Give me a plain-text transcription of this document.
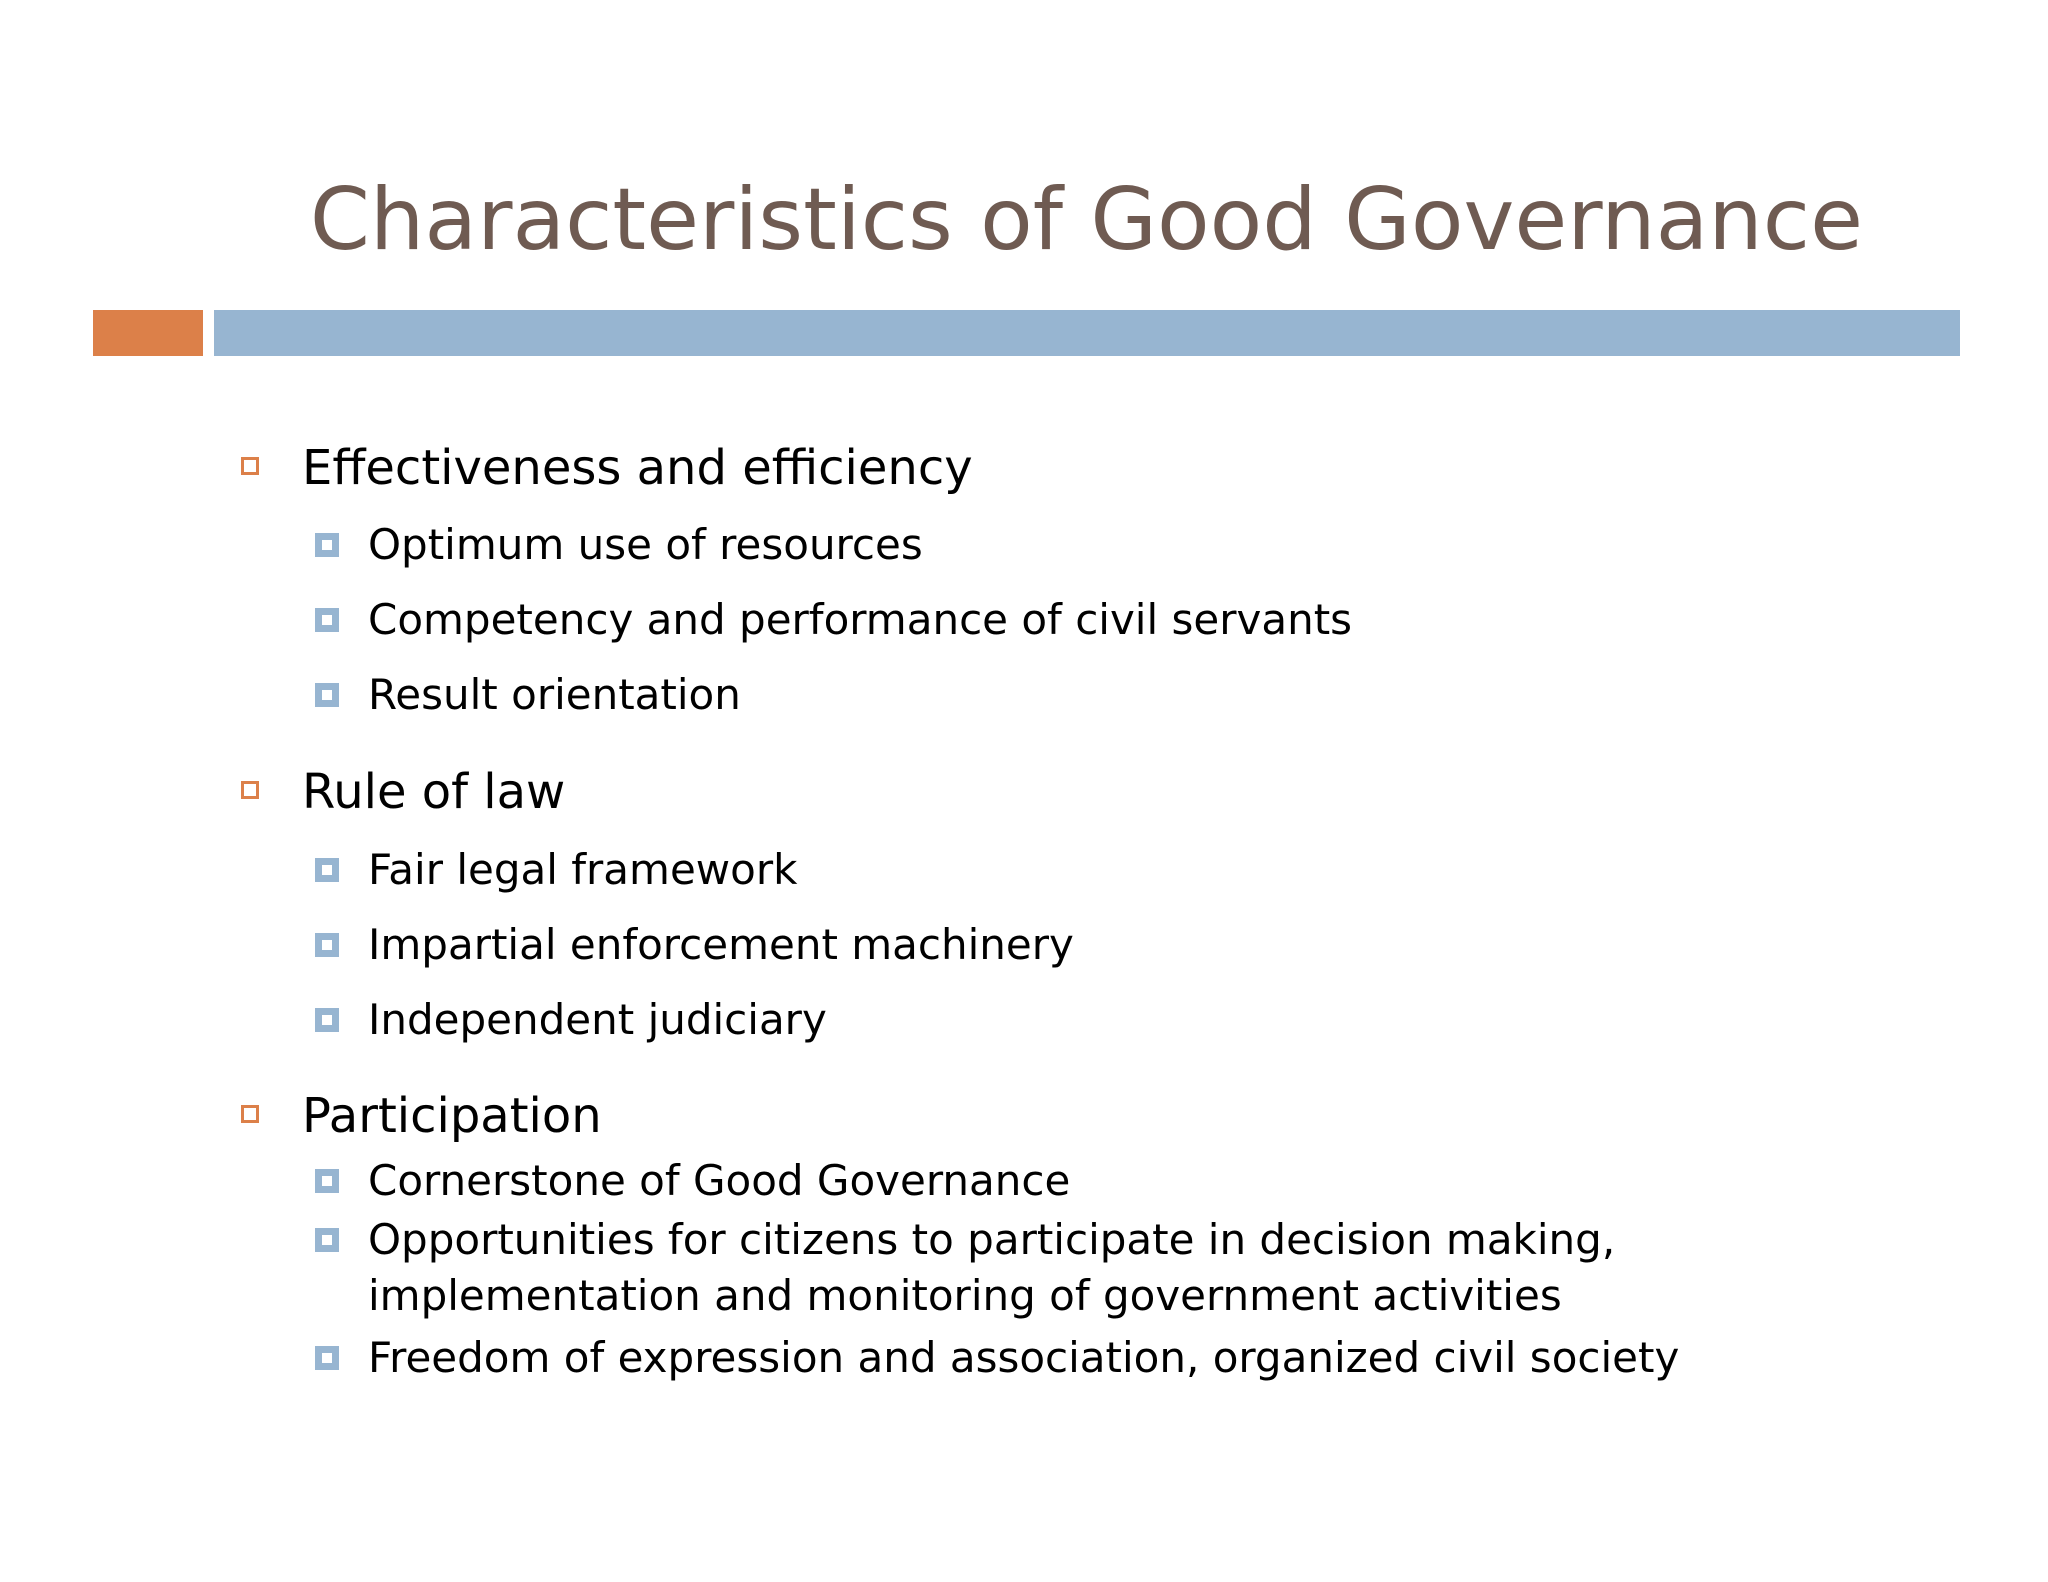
Characteristics of Good Governance
Effectiveness and efficiency
Optimum use of resources
Competency and performance of civil servants
Result orientation
Rule of law
Fair legal framework
Impartial enforcement machinery
Independent judiciary
Participation
Cornerstone of Good Governance
Opportunities for citizens to participate in decision making,
implementation and monitoring of government activities
Freedom of expression and association, organized civil society
